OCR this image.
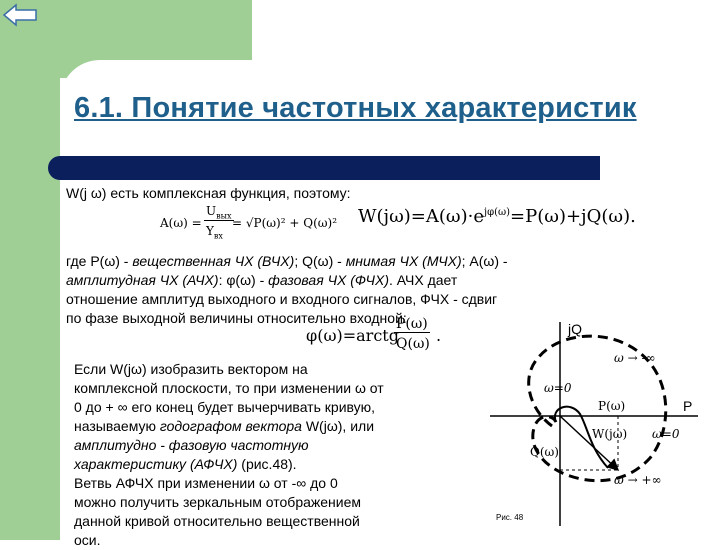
6.1. Понятие частотных характеристик
W(j ω) есть комплексная функция, поэтому:
A(ω) =
$U_{вых}$
$Y_{вх}$
= √P(ω)² + Q(ω)² $W(j\omega)=A(\omega)\cdot e^{j\varphi(\omega)}=P(\omega)+jQ(\omega)$.
где P(ω) - вещественная ЧХ (ВЧХ); Q(ω) - мнимая ЧХ (МЧХ); A(ω) -
амплитудная ЧХ (АЧХ): φ(ω) - фазовая ЧХ (ФЧХ). АЧХ дает
отношение амплитуд выходного и входного сигналов, ФЧХ - сдвиг
по фазе выходной величины относительно входной:
φ(ω)=arctg
P(ω)
Q(ω) .
Если W(jω) изобразить вектором на
комплексной плоскости, то при изменении ω от
0 до + ∞ его конец будет вычерчивать кривую,
называемую годографом вектора W(jω), или
амплитудно - фазовую частотную
характеристику (АФЧХ) (рис.48).
Ветвь АФЧХ при изменении ω от -∞ до 0
можно получить зеркальным отображением
данной кривой относительно вещественной
оси.
jQ
P
ω → -∞
ω=0
P(ω)
W(jω) ω=0
Q(ω)
ω → +∞
Рис. 48
